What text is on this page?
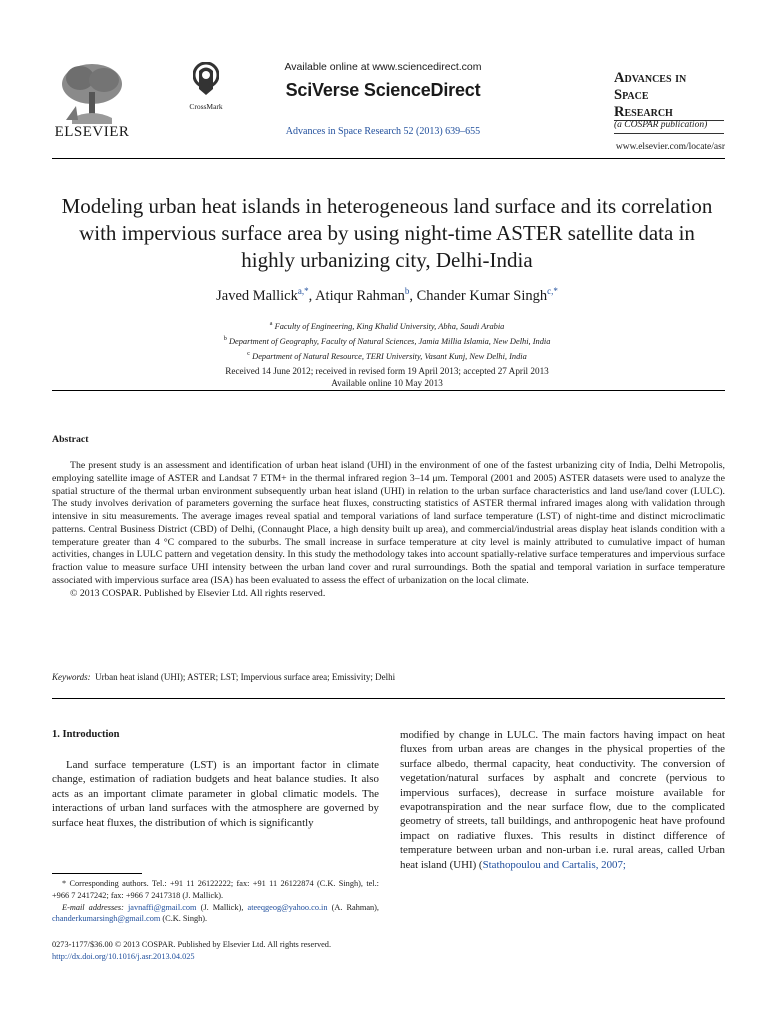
ELSEVIER
CrossMark
Available online at www.sciencedirect.com
SciVerse ScienceDirect
Advances in Space Research 52 (2013) 639–655
Advances in
Space
Research
(a COSPAR publication)
www.elsevier.com/locate/asr
Modeling urban heat islands in heterogeneous land surface and its correlation with impervious surface area by using night-time ASTER satellite data in highly urbanizing city, Delhi-India
Javed Mallick$^{a,*}$, Atiqur Rahman$^b$, Chander Kumar Singh$^{c,*}$
$^a$ Faculty of Engineering, King Khalid University, Abha, Saudi Arabia
$^b$ Department of Geography, Faculty of Natural Sciences, Jamia Millia Islamia, New Delhi, India
$^c$ Department of Natural Resource, TERI University, Vasant Kunj, New Delhi, India
Received 14 June 2012; received in revised form 19 April 2013; accepted 27 April 2013
Available online 10 May 2013
Abstract

The present study is an assessment and identification of urban heat island (UHI) in the environment of one of the fastest urbanizing city of India, Delhi Metropolis, employing satellite image of ASTER and Landsat 7 ETM+ in the thermal infrared region 3–14 μm. Temporal (2001 and 2005) ASTER datasets were used to analyze the spatial structure of the thermal urban environment subsequently urban heat island (UHI) in relation to the urban surface characteristics and land use/land cover (LULC). The study involves derivation of parameters governing the surface heat fluxes, constructing statistics of ASTER thermal infrared images along with validation through intensive in situ measurements. The average images reveal spatial and temporal variations of land surface temperature (LST) of night-time and distinct microclimatic patterns. Central Business District (CBD) of Delhi, (Connaught Place, a high density built up area), and commercial/industrial areas display heat islands condition with a temperature greater than 4 °C compared to the suburbs. The small increase in surface temperature at city level is mainly attributed to cumulative impact of human activities, changes in LULC pattern and vegetation density. In this study the methodology takes into account spatially-relative surface temperatures and impervious surface fraction value to measure surface UHI intensity between the urban land cover and rural surroundings. Both the spatial and temporal variation in surface temperature associated with impervious surface area (ISA) has been evaluated to assess the effect of urbanization on the local climate.

© 2013 COSPAR. Published by Elsevier Ltd. All rights reserved.

Keywords: Urban heat island (UHI); ASTER; LST; Impervious surface area; Emissivity; Delhi
1. Introduction

Land surface temperature (LST) is an important factor in climate change, estimation of radiation budgets and heat balance studies. It also acts as an important climate parameter in global climatic models. The interactions of urban land surfaces with the atmosphere are governed by surface heat fluxes, the distribution of which is significantly

modified by change in LULC. The main factors having impact on heat fluxes from urban areas are changes in the physical properties of the surface albedo, thermal capacity, heat conductivity. The conversion of vegetation/natural surfaces by asphalt and concrete (pervious to impervious surfaces), decrease in surface moisture available for evapotranspiration and the near surface flow, due to the complicated geometry of streets, tall buildings, and anthropogenic heat have profound impact on radiative fluxes. This results in distinct difference of temperature between urban and non-urban i.e. rural areas, called Urban heat island (UHI) (Stathopoulou and Cartalis, 2007;

* Corresponding authors. Tel.: +91 11 26122222; fax: +91 11 26122874 (C.K. Singh), tel.: +966 7 2417242; fax: +966 7 2417318 (J. Mallick).

E-mail addresses: javnaffi@gmail.com (J. Mallick), ateeqgeog@yahoo.co.in (A. Rahman), chanderkumarsingh@gmail.com (C.K. Singh).

0273-1177/$36.00 © 2013 COSPAR. Published by Elsevier Ltd. All rights reserved.
http://dx.doi.org/10.1016/j.asr.2013.04.025
